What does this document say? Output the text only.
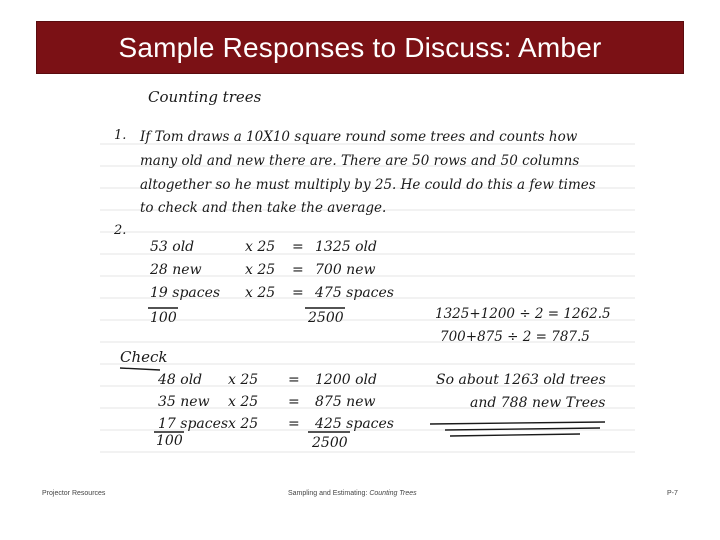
Sample Responses to Discuss: Amber
Counting trees
1. If Tom draws a 10X10 square round some trees and counts how
many old and new there are. There are 50 rows and 50 columns
altogether so he must multiply by 25. He could do this a few times
to check and then take the average.
2.
53 old	x 25 = 1325 old
28 new	x 25 = 700 new
19 spaces x 25 = 475 spaces
100	2500	1325+1200 ÷ 2 = 1262.5
700+875 ÷ 2 = 787.5
Check
48 old x 25 = 1200 old
35 new x 25 = 875 new
17 spaces x 25 = 425 spaces
100	2500
So about 1263 old trees
and 788 new Trees
Projector Resources	Sampling and Estimating: Counting Trees	P-7
